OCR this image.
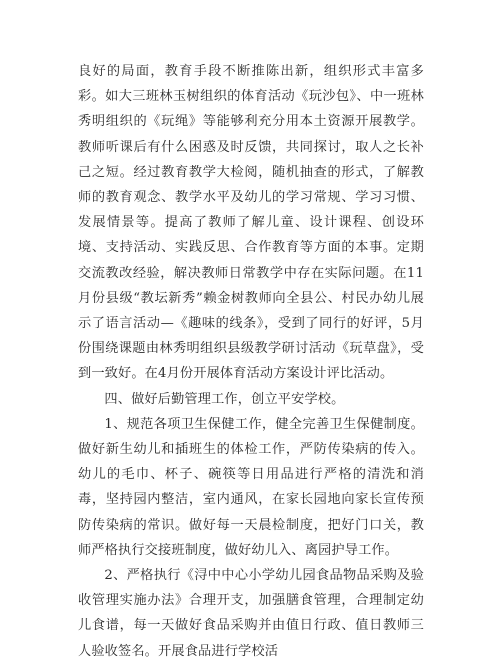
良好的局面，教育手段不断推陈出新，组织形式丰富多彩。如大三班林玉树组织的体育活动《玩沙包》、中一班林秀明组织的《玩绳》等能够利充分用本土资源开展教学。教师听课后有什么困惑及时反馈，共同探讨，取人之长补己之短。经过教育教学大检阅，随机抽查的形式，了解教师的教育观念、教学水平及幼儿的学习常规、学习习惯、发展情景等。提高了教师了解儿童、设计课程、创设环境、支持活动、实践反思、合作教育等方面的本事。定期交流教改经验，解决教师日常教学中存在实际问题。在11月份县级“教坛新秀”赖金树教师向全县公、村民办幼儿展示了语言活动—《趣味的线条》，受到了同行的好评，5月份围绕课题由林秀明组织县级教学研讨活动《玩草盘》，受到一致好。在4月份开展体育活动方案设计评比活动。

四、做好后勤管理工作，创立平安学校。

1、规范各项卫生保健工作，健全完善卫生保健制度。做好新生幼儿和插班生的体检工作，严防传染病的传入。幼儿的毛巾、杯子、碗筷等日用品进行严格的清洗和消毒，坚持园内整洁，室内通风，在家长园地向家长宣传预防传染病的常识。做好每一天晨检制度，把好门口关，教师严格执行交接班制度，做好幼儿入、离园护导工作。

2、严格执行《浔中中心小学幼儿园食品物品采购及验收管理实施办法》合理开支，加强膳食管理，合理制定幼儿食谱，每一天做好食品采购并由值日行政、值日教师三人验收签名。开展食品进行学校活
